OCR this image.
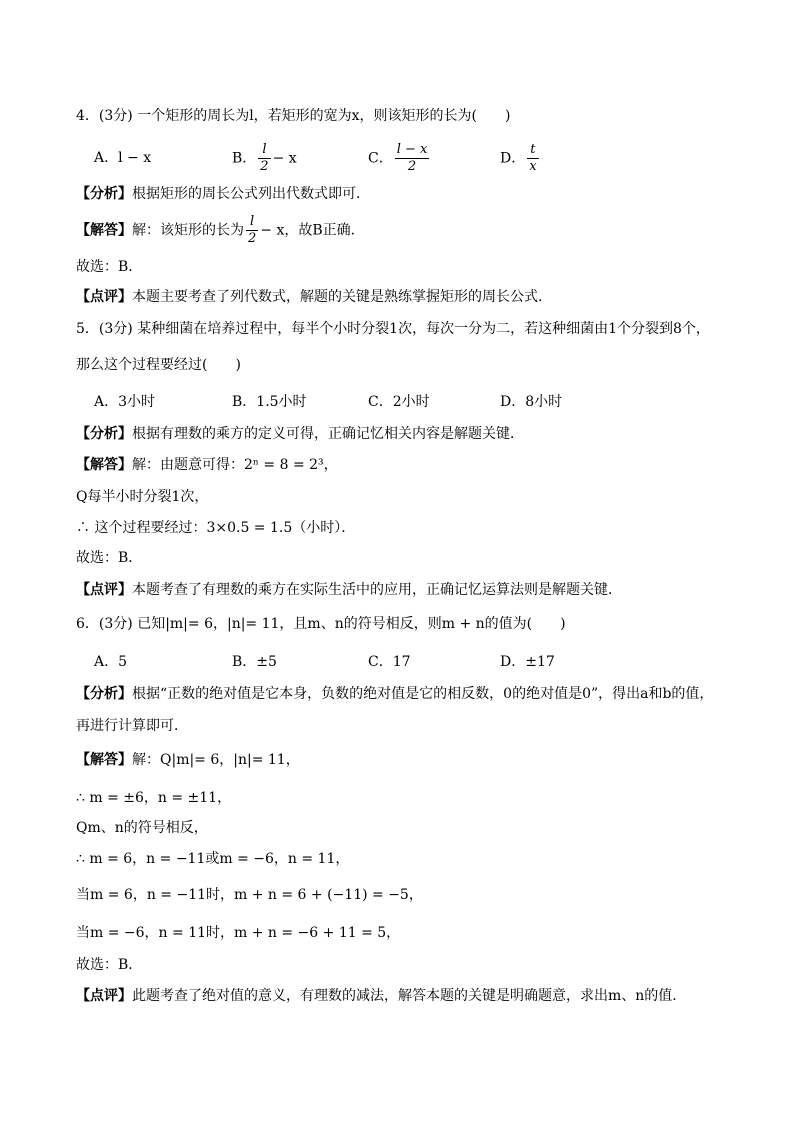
4．(3分) 一个矩形的周长为l，若矩形的宽为x，则该矩形的长为(　　)
A．l − x	B． $\frac{l}{2} - x$	C． $\frac{l - x}{2}$	D． $\frac{t}{x}$
【分析】根据矩形的周长公式列出代数式即可．
【解答】解：该矩形的长为 $\frac{l}{2} - x$，故B正确．
故选：B．
【点评】本题主要考查了列代数式，解题的关键是熟练掌握矩形的周长公式．
5．(3分) 某种细菌在培养过程中，每半个小时分裂1次，每次一分为二，若这种细菌由1个分裂到8个，
那么这个过程要经过(　　)
A．3小时	B．1.5小时	C．2小时	D．8小时
【分析】根据有理数的乘方的定义可得，正确记忆相关内容是解题关键．
【解答】解：由题意可得：2ⁿ = 8 = 2³，
Q每半小时分裂1次，
∴ 这个过程要经过：3×0.5 = 1.5（小时）．
故选：B．
【点评】本题考查了有理数的乘方在实际生活中的应用，正确记忆运算法则是解题关键．
6．(3分) 已知|m|= 6，|n|= 11，且m、n的符号相反，则m + n的值为(　　)
A．5	B．±5	C．17	D．±17
【分析】根据“正数的绝对值是它本身，负数的绝对值是它的相反数，0的绝对值是0”，得出a和b的值，
再进行计算即可．
【解答】解：Q|m|= 6，|n|= 11，
∴ m = ±6，n = ±11，
Qm、n的符号相反，
∴ m = 6，n = −11或m = −6，n = 11，
当m = 6，n = −11时，m + n = 6 + (−11) = −5，
当m = −6，n = 11时，m + n = −6 + 11 = 5，
故选：B．
【点评】此题考查了绝对值的意义，有理数的减法，解答本题的关键是明确题意，求出m、n的值．
